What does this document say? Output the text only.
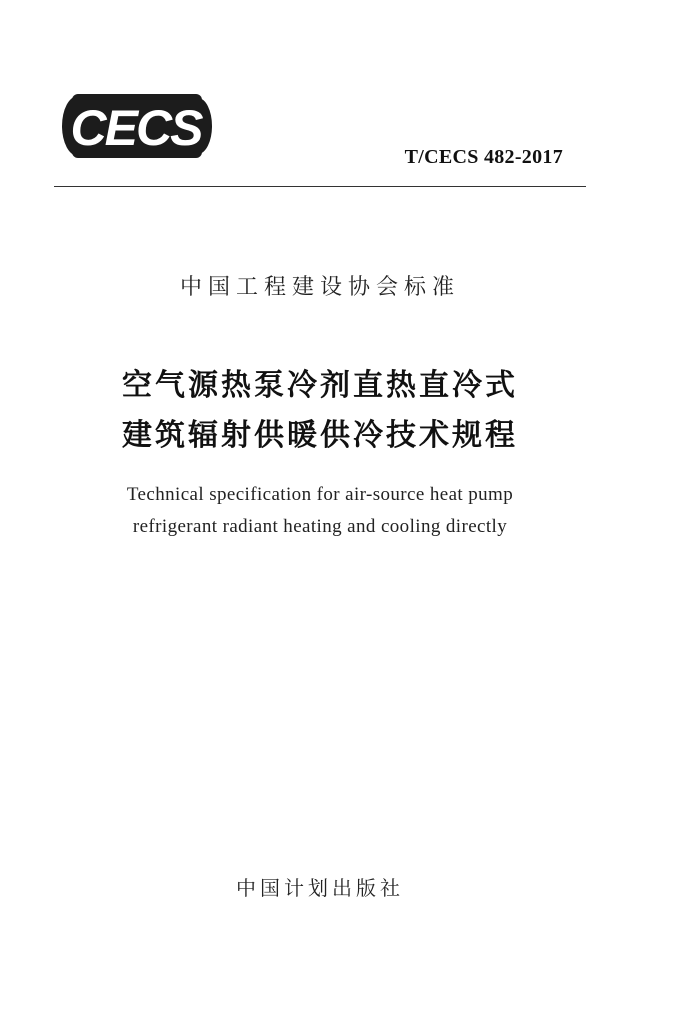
CECS
T/CECS 482-2017
中国工程建设协会标准
空气源热泵冷剂直热直冷式
建筑辐射供暖供冷技术规程
Technical specification for air-source heat pump
refrigerant radiant heating and cooling directly
中国计划出版社
